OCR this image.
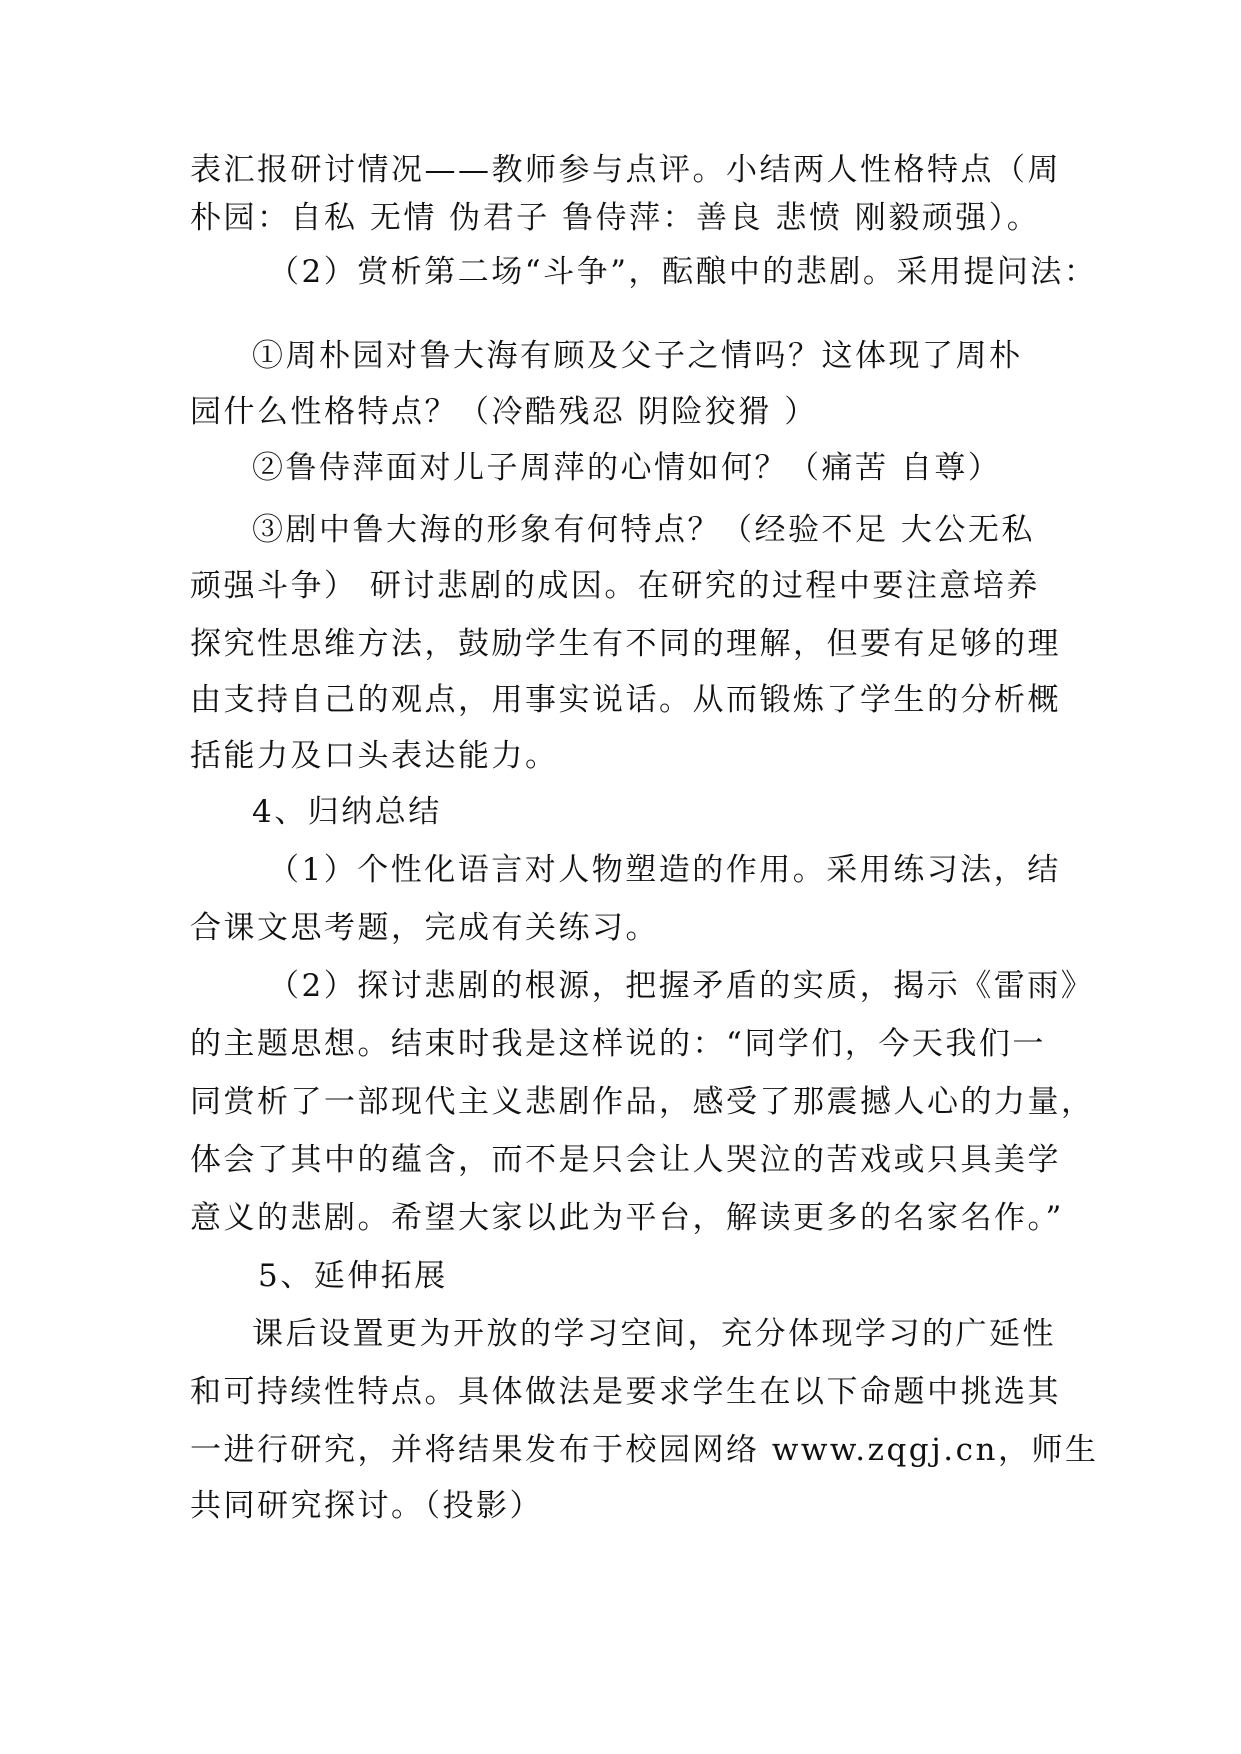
表汇报研讨情况——教师参与点评。小结两人性格特点（周
朴园：自私 无情 伪君子 鲁侍萍：善良 悲愤 刚毅顽强）。
（2）赏析第二场“斗争”，酝酿中的悲剧。采用提问法：
①周朴园对鲁大海有顾及父子之情吗？这体现了周朴
园什么性格特点？（冷酷残忍 阴险狡猾 ）
②鲁侍萍面对儿子周萍的心情如何？（痛苦 自尊）
③剧中鲁大海的形象有何特点？（经验不足 大公无私
顽强斗争） 研讨悲剧的成因。在研究的过程中要注意培养
探究性思维方法，鼓励学生有不同的理解，但要有足够的理
由支持自己的观点，用事实说话。从而锻炼了学生的分析概
括能力及口头表达能力。
4、归纳总结
（1）个性化语言对人物塑造的作用。采用练习法，结
合课文思考题，完成有关练习。
（2）探讨悲剧的根源，把握矛盾的实质，揭示《雷雨》
的主题思想。结束时我是这样说的：“同学们，今天我们一
同赏析了一部现代主义悲剧作品，感受了那震撼人心的力量，
体会了其中的蕴含，而不是只会让人哭泣的苦戏或只具美学
意义的悲剧。希望大家以此为平台，解读更多的名家名作。”
5、延伸拓展
课后设置更为开放的学习空间，充分体现学习的广延性
和可持续性特点。具体做法是要求学生在以下命题中挑选其
一进行研究，并将结果发布于校园网络 www.zqgj.cn，师生
共同研究探讨。（投影）
